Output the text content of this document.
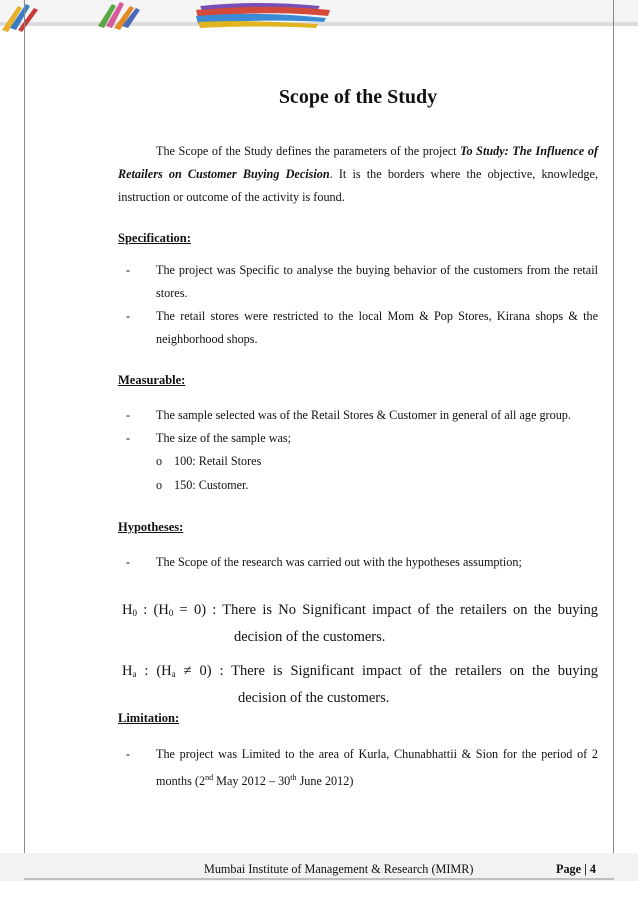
Scope of the Study
The Scope of the Study defines the parameters of the project To Study: The Influence of Retailers on Customer Buying Decision. It is the borders where the objective, knowledge, instruction or outcome of the activity is found.
Specification:
- The project was Specific to analyse the buying behavior of the customers from the retail stores.
- The retail stores were restricted to the local Mom & Pop Stores, Kirana shops & the neighborhood shops.
Measurable:
- The sample selected was of the Retail Stores & Customer in general of all age group.
- The size of the sample was;
o 100: Retail Stores
o 150: Customer.
Hypotheses:
- The Scope of the research was carried out with the hypotheses assumption;
$H_0$ : $(H_0 = 0)$ : There is No Significant impact of the retailers on the buying
decision of the customers.
$H_a$ : $(H_a \ne 0)$ : There is Significant impact of the retailers on the buying
decision of the customers.
Limitation:
- The project was Limited to the area of Kurla, Chunabhattii & Sion for the period of 2
months (2nd May 2012 – 30th June 2012)
Mumbai Institute of Management & Research (MIMR)	Page | 4
